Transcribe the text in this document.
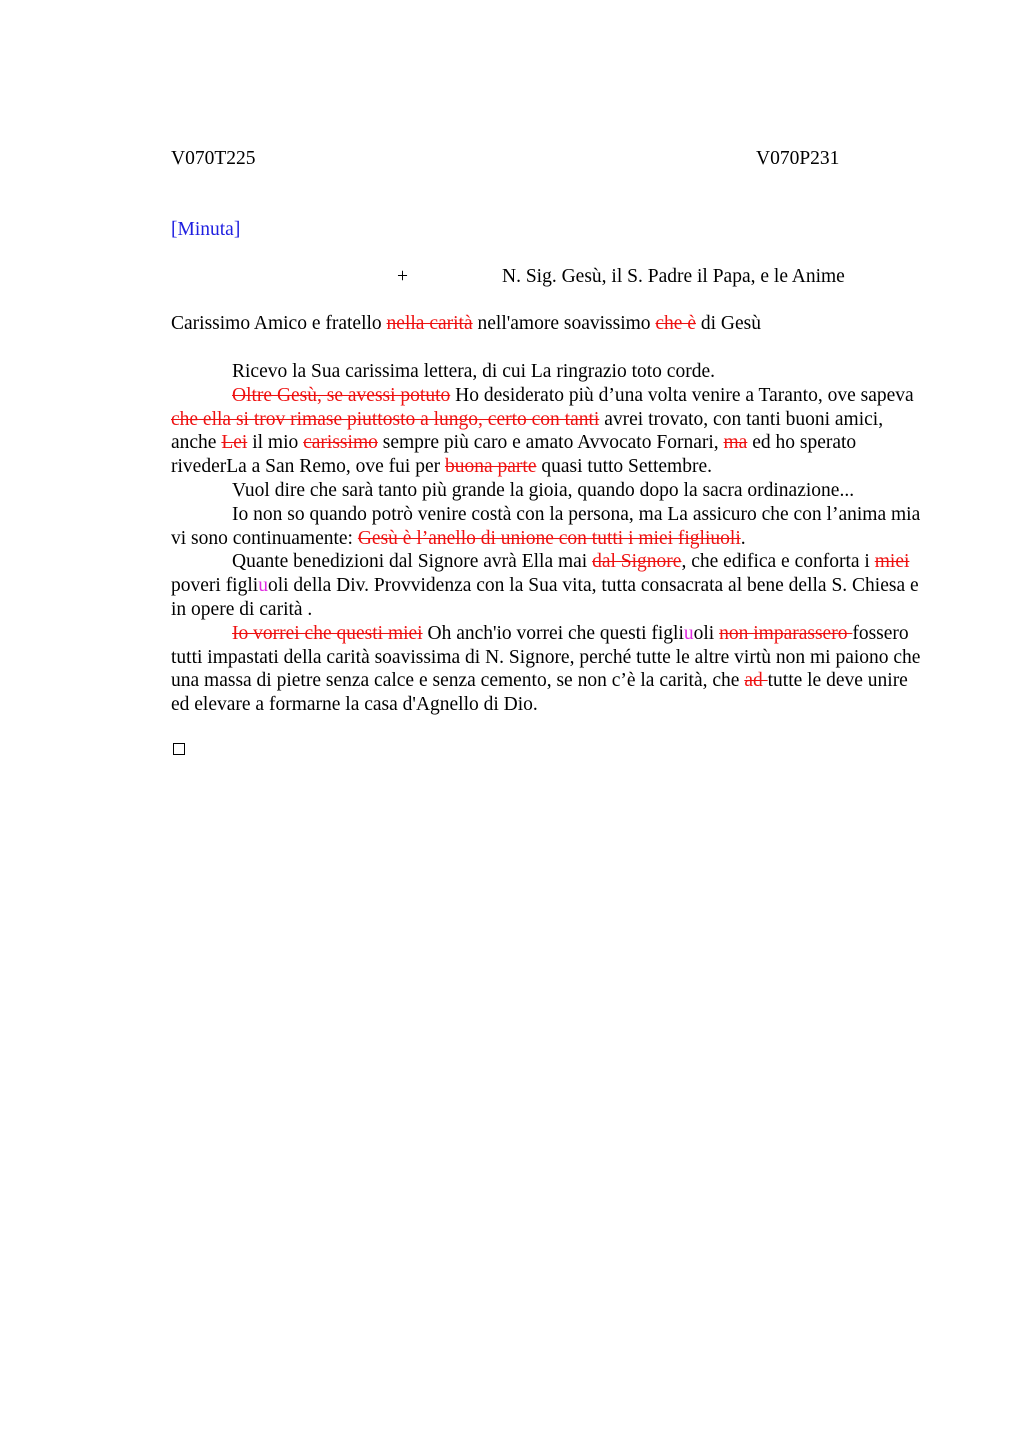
V070T225	V070P231
[Minuta]
+	N. Sig. Gesù, il S. Padre il Papa, e le Anime
Carissimo Amico e fratello nella carità nell'amore soavissimo che è di Gesù

Ricevo la Sua carissima lettera, di cui La ringrazio toto corde.

Oltre Gesù, se avessi potuto Ho desiderato più d’una volta venire a Taranto, ove sapeva che ella si trov rimase piuttosto a lungo, certo con tanti avrei trovato, con tanti buoni amici, anche Lei il mio carissimo sempre più caro e amato Avvocato Fornari, ma ed ho sperato rivederLa a San Remo, ove fui per buona parte quasi tutto Settembre.

Vuol dire che sarà tanto più grande la gioia, quando dopo la sacra ordinazione...

Io non so quando potrò venire costà con la persona, ma La assicuro che con l’anima mia vi sono continuamente: Gesù è l’anello di unione con tutti i miei figliuoli.

Quante benedizioni dal Signore avrà Ella mai dal Signore, che edifica e conforta i miei poveri figliuoli della Div. Provvidenza con la Sua vita, tutta consacrata al bene della S. Chiesa e in opere di carità .

Io vorrei che questi miei Oh anch'io vorrei che questi figliuoli non imparassero fossero tutti impastati della carità soavissima di N. Signore, perché tutte le altre virtù non mi paiono che una massa di pietre senza calce e senza cemento, se non c’è la carità, che ad tutte le deve unire ed elevare a formarne la casa d'Agnello di Dio.
